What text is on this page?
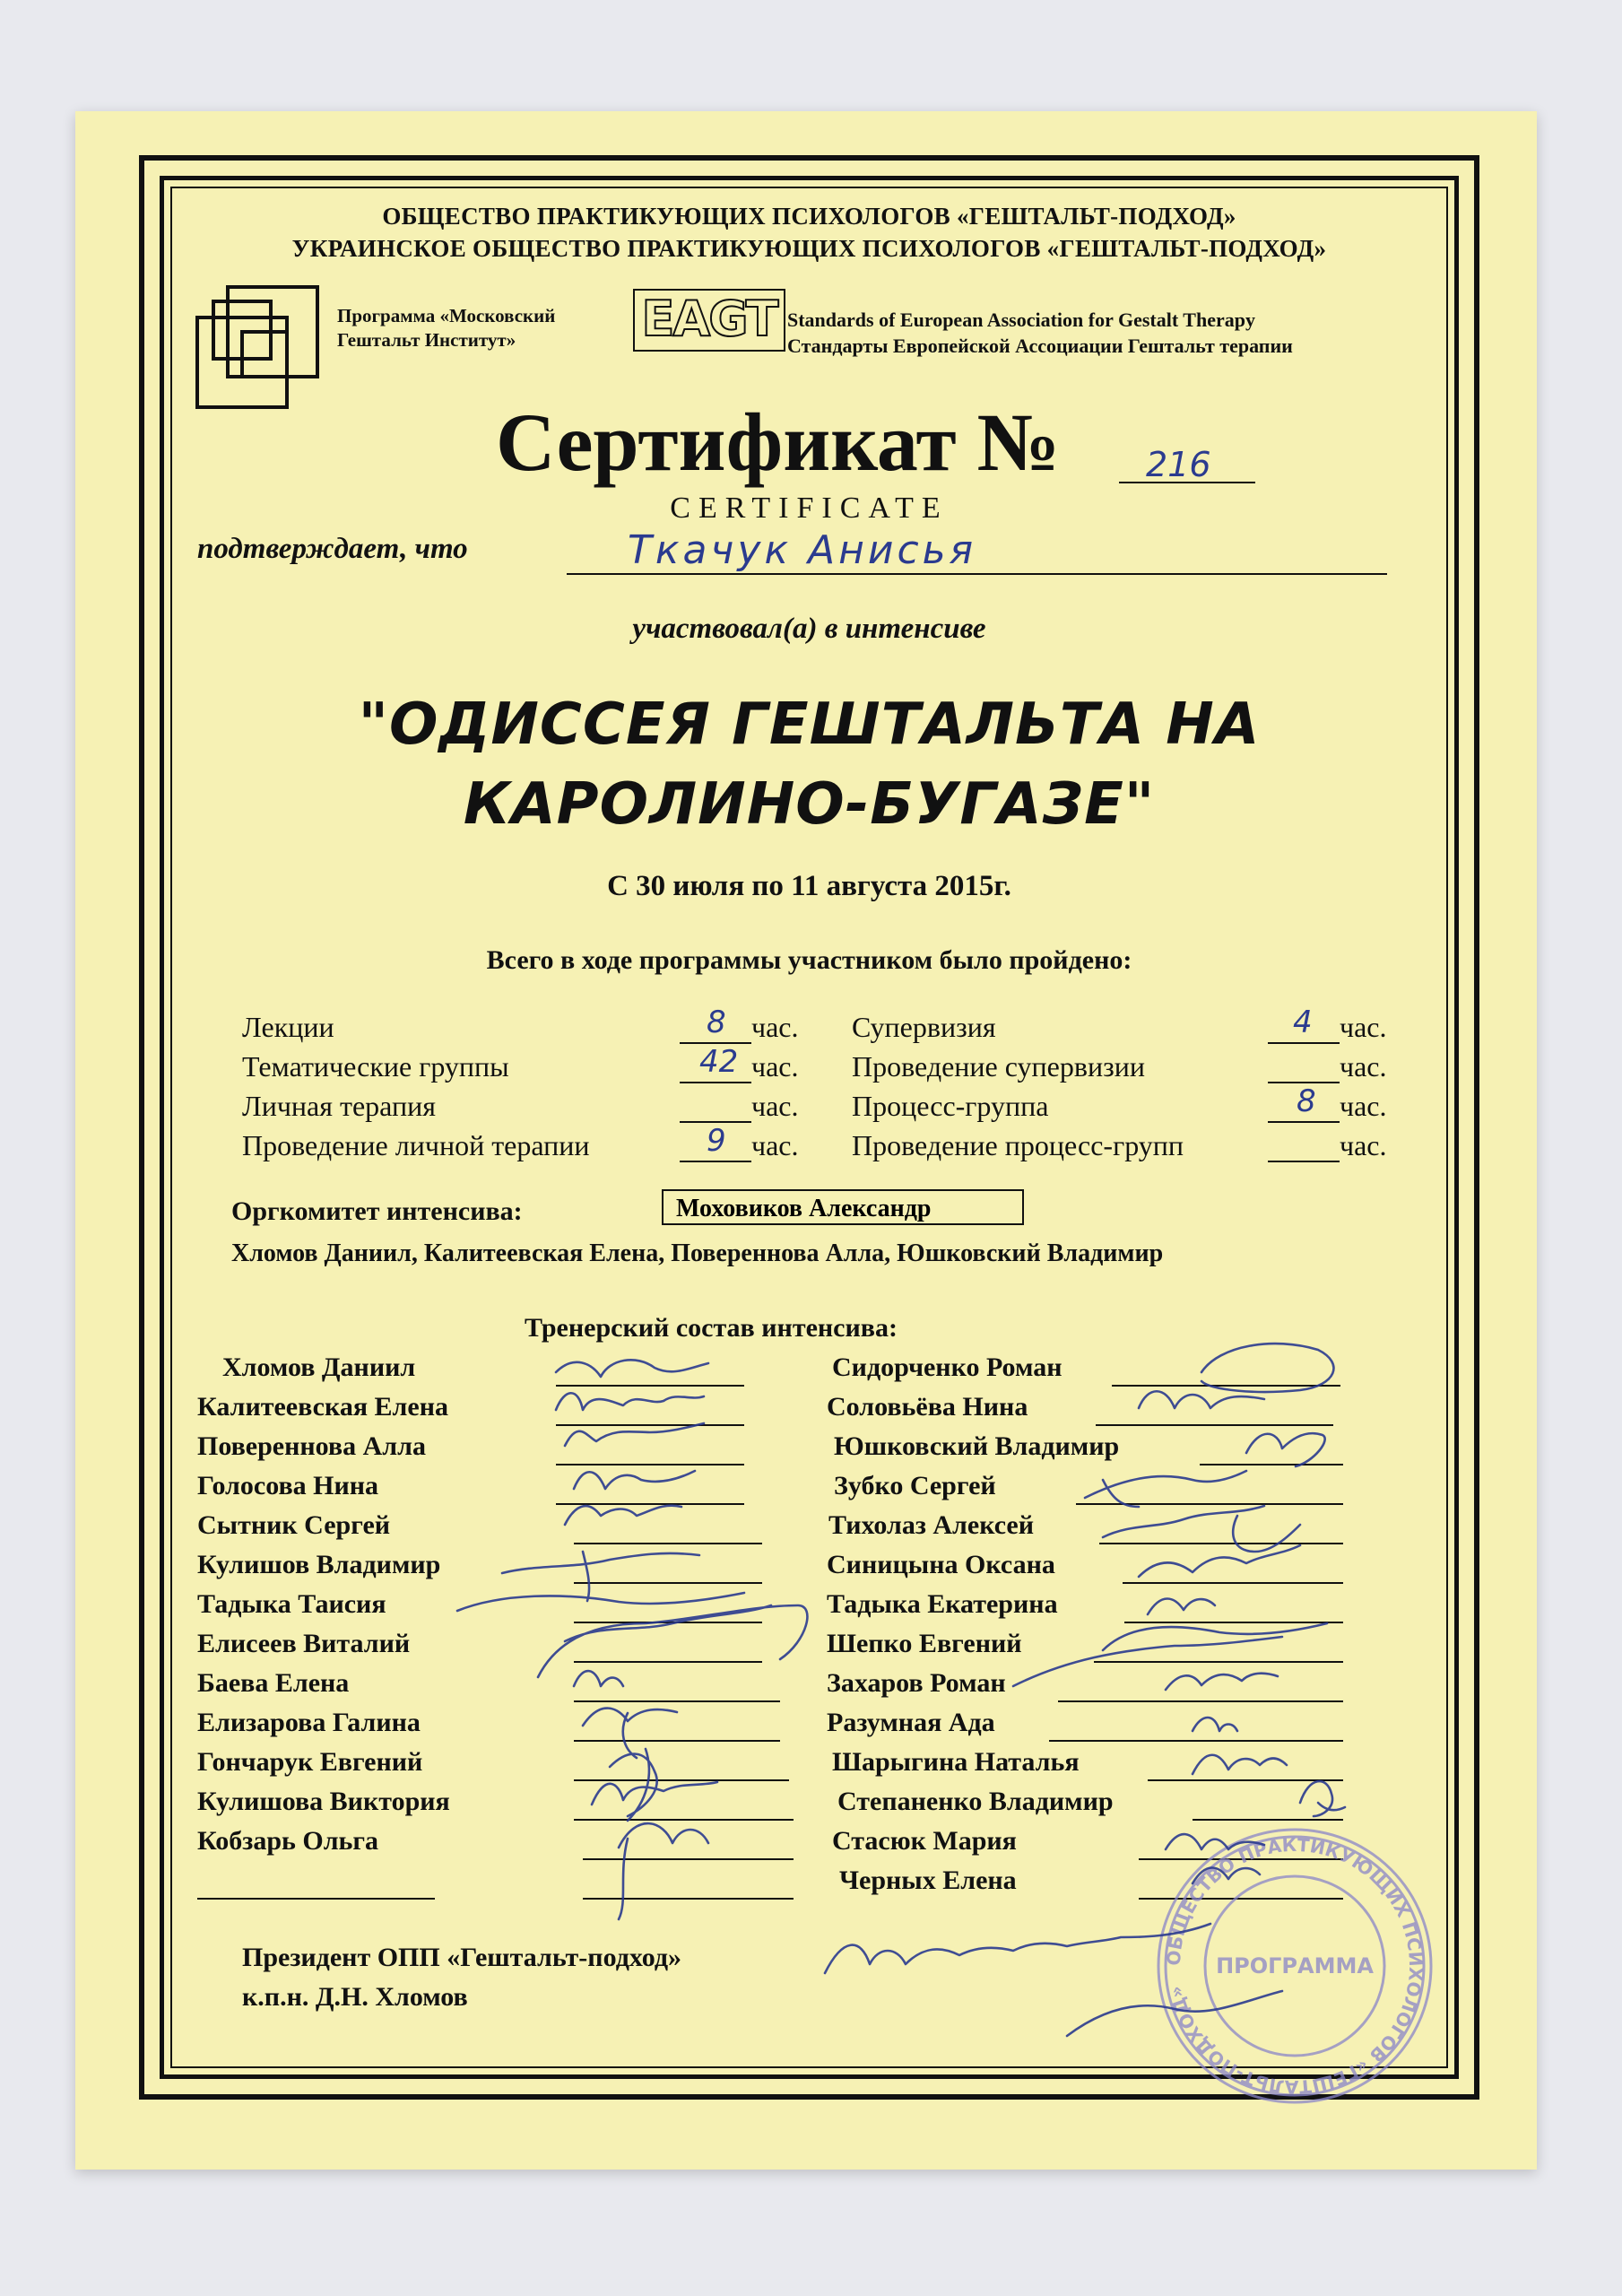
ОБЩЕСТВО ПРАКТИКУЮЩИХ ПСИХОЛОГОВ «ГЕШТАЛЬТ-ПОДХОД»
УКРАИНСКОЕ ОБЩЕСТВО ПРАКТИКУЮЩИХ ПСИХОЛОГОВ «ГЕШТАЛЬТ-ПОДХОД»
Программа «Московский
Гештальт Институт»	EAGT Standards of European Association for Gestalt Therapy
Стандарты Европейской Ассоциации Гештальт терапии
Сертификат №	216
CERTIFICATE
подтверждает, что	Ткачук Анисья
участвовал(а) в интенсиве
"ОДИССЕЯ ГЕШТАЛЬТА НА
КАРОЛИНО-БУГАЗЕ"
С 30 июля по 11 августа 2015г.
Всего в ходе программы участником было пройдено:
Лекции	8 час.
Тематические группы	42 час.
Личная терапия	час.
Проведение личной терапии	9 час.
Супервизия	4 час.
Проведение супервизии	час.
Процесс-группа	8 час.
Проведение процесс-групп	час.
Оргкомитет интенсива:	Моховиков Александр
Хломов Даниил, Калитеевская Елена, Повереннова Алла, Юшковский Владимир
Тренерский состав интенсива:
Хломов Даниил
Калитеевская Елена
Повереннова Алла
Голосова Нина
Сытник Сергей
Кулишов Владимир
Тадыка Таисия
Елисеев Виталий
Баева Елена
Елизарова Галина
Гончарук Евгений
Кулишова Виктория
Кобзарь Ольга
Сидорченко Роман
Соловьёва Нина
Юшковский Владимир
Зубко Сергей
Тихолаз Алексей
Синицына Оксана
Тадыка Екатерина
Шепко Евгений
Захаров Роман
Разумная Ада
Шарыгина Наталья
Степаненко Владимир
Стасюк Мария
Черных Елена
Президент ОПП «Гештальт-подход»
к.п.н. Д.Н. Хломов
ОБЩЕСТВО ПРАКТИКУЮЩИХ ПСИХОЛОГОВ «ГЕШТАЛЬТ-ПОДХОД»
ПРОГРАММА
